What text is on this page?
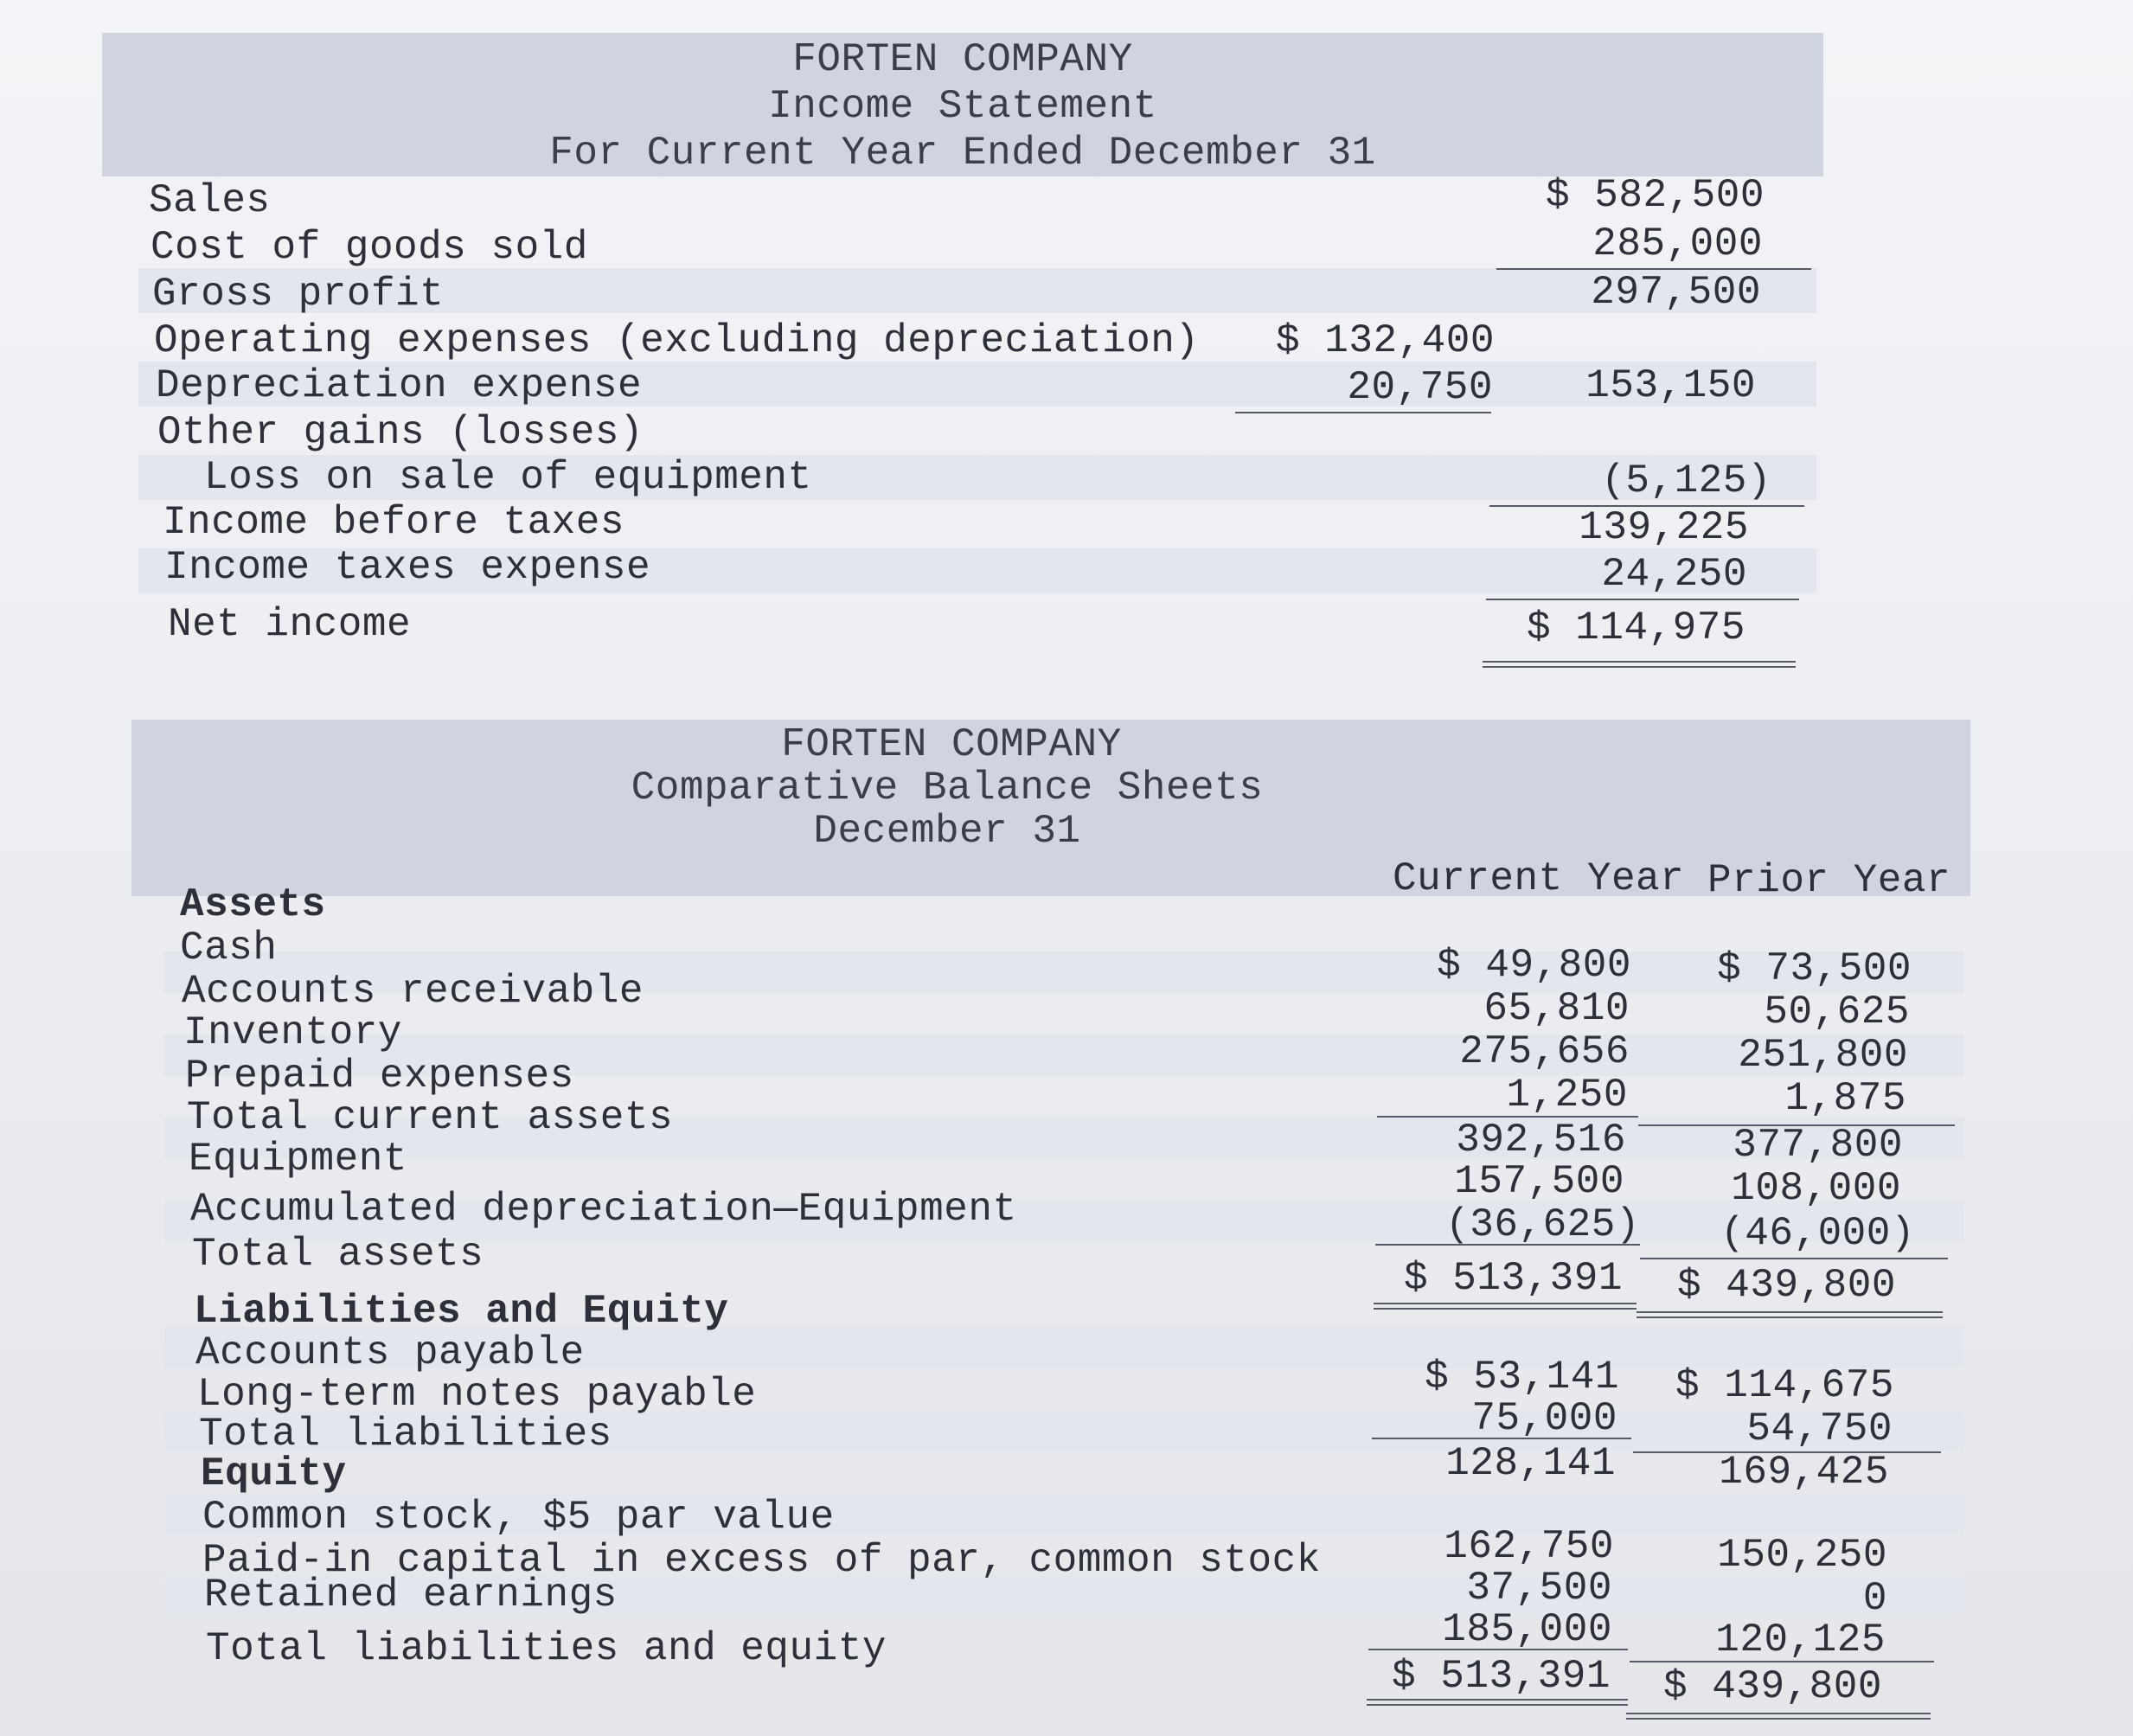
FORTEN COMPANY
Income Statement
For Current Year Ended December 31
Sales
Cost of goods sold
Gross profit
Operating expenses (excluding depreciation)
Depreciation expense
Other gains (losses)
Loss on sale of equipment
Income before taxes
Income taxes expense
Net income
$ 132,400
20,750
$ 582,500
285,000
297,500
153,150
(5,125)
139,225
24,250
$ 114,975
FORTEN COMPANY
Comparative Balance Sheets
December 31
Current Year Prior Year
Assets
Cash
Accounts receivable
Inventory
Prepaid expenses
Total current assets
Equipment
Accumulated depreciation—Equipment
Total assets
Liabilities and Equity
Accounts payable
Long-term notes payable
Total liabilities
Equity
Common stock, $5 par value
Paid-in capital in excess of par, common stock
Retained earnings
Total liabilities and equity
$ 49,800
65,810
275,656
1,250
392,516
157,500
(36,625)
$ 513,391
$ 53,141
75,000
128,141
162,750
37,500
185,000
$ 513,391
$ 73,500
50,625
251,800
1,875
377,800
108,000
(46,000)
$ 439,800
$ 114,675
54,750
169,425
150,250
0
120,125
$ 439,800
